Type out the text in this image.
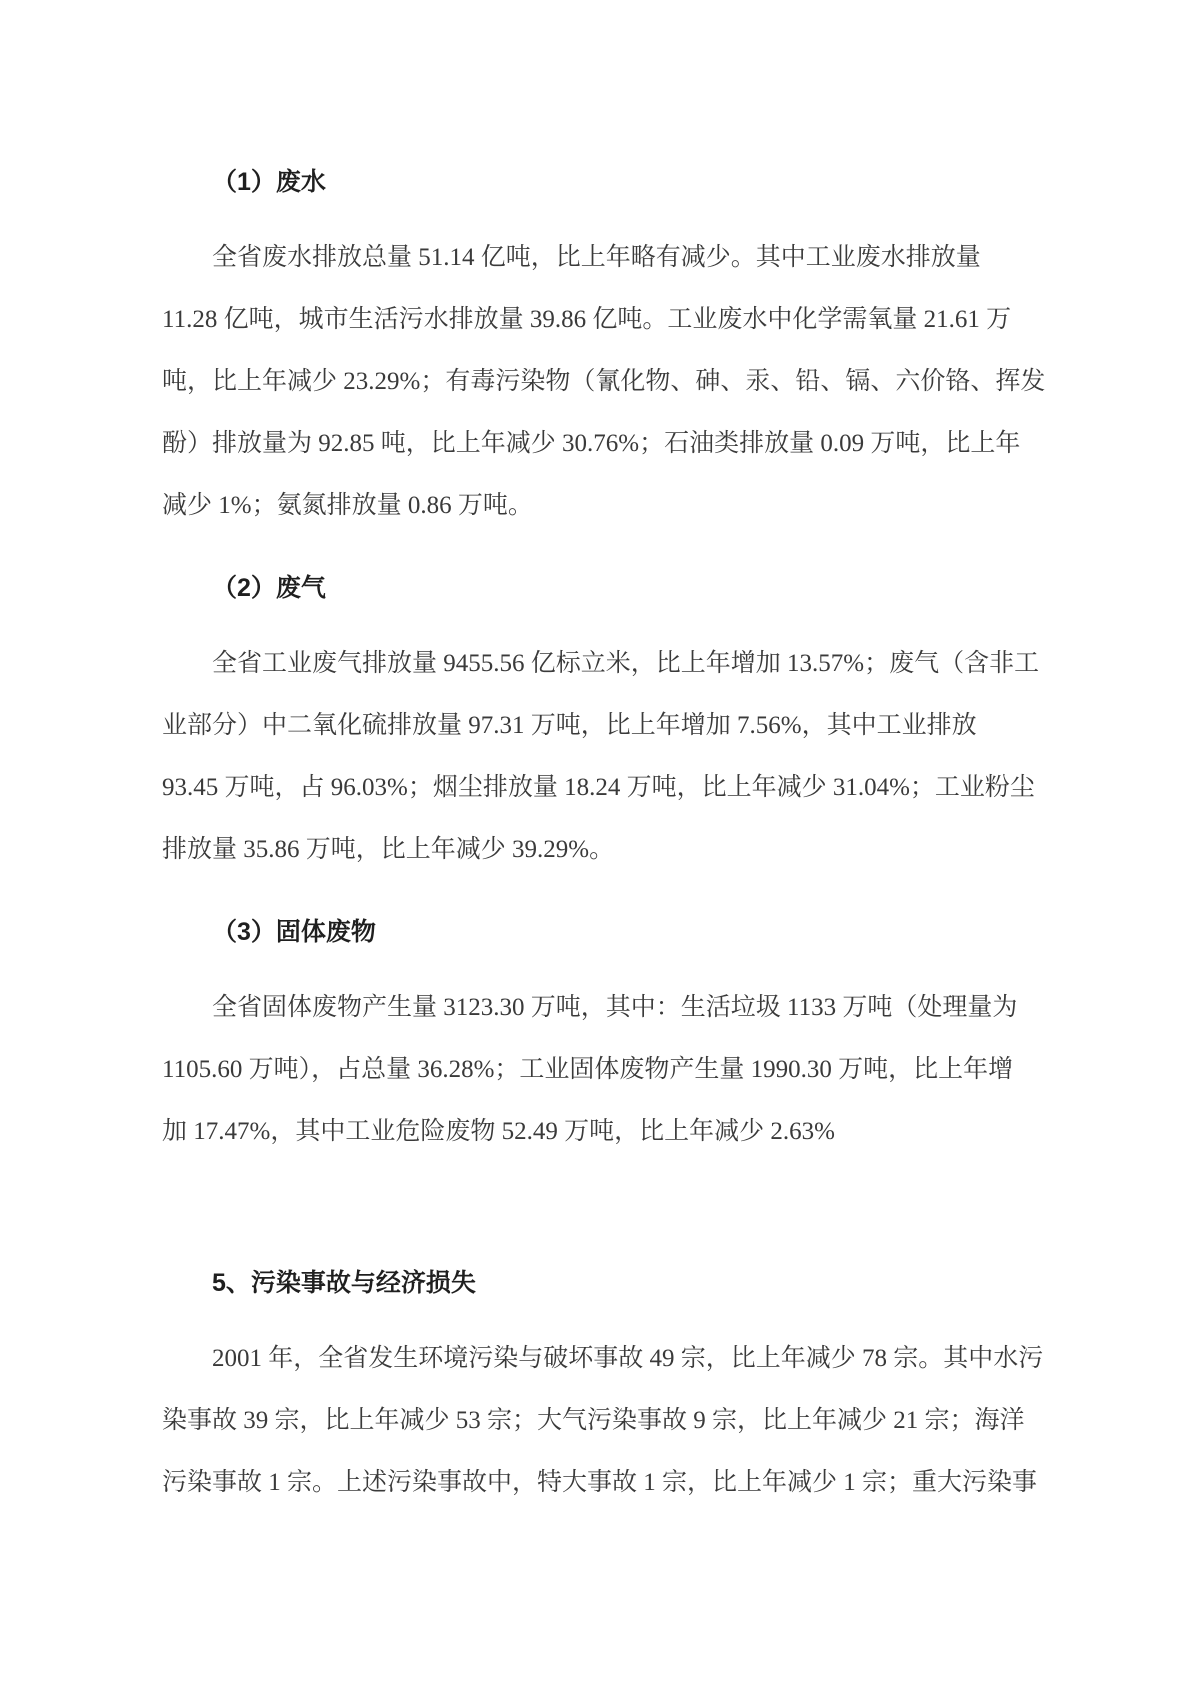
（1）废水
全省废水排放总量 51.14 亿吨，比上年略有减少。其中工业废水排放量
11.28 亿吨，城市生活污水排放量 39.86 亿吨。工业废水中化学需氧量 21.61 万
吨，比上年减少 23.29%；有毒污染物（氰化物、砷、汞、铅、镉、六价铬、挥发
酚）排放量为 92.85 吨，比上年减少 30.76%；石油类排放量 0.09 万吨，比上年
减少 1%；氨氮排放量 0.86 万吨。
（2）废气
全省工业废气排放量 9455.56 亿标立米，比上年增加 13.57%；废气（含非工
业部分）中二氧化硫排放量 97.31 万吨，比上年增加 7.56%，其中工业排放
93.45 万吨，占 96.03%；烟尘排放量 18.24 万吨，比上年减少 31.04%；工业粉尘
排放量 35.86 万吨，比上年减少 39.29%。
（3）固体废物
全省固体废物产生量 3123.30 万吨，其中：生活垃圾 1133 万吨（处理量为
1105.60 万吨），占总量 36.28%；工业固体废物产生量 1990.30 万吨，比上年增
加 17.47%，其中工业危险废物 52.49 万吨，比上年减少 2.63%
5、污染事故与经济损失
2001 年，全省发生环境污染与破坏事故 49 宗，比上年减少 78 宗。其中水污
染事故 39 宗，比上年减少 53 宗；大气污染事故 9 宗，比上年减少 21 宗；海洋
污染事故 1 宗。上述污染事故中，特大事故 1 宗，比上年减少 1 宗；重大污染事
